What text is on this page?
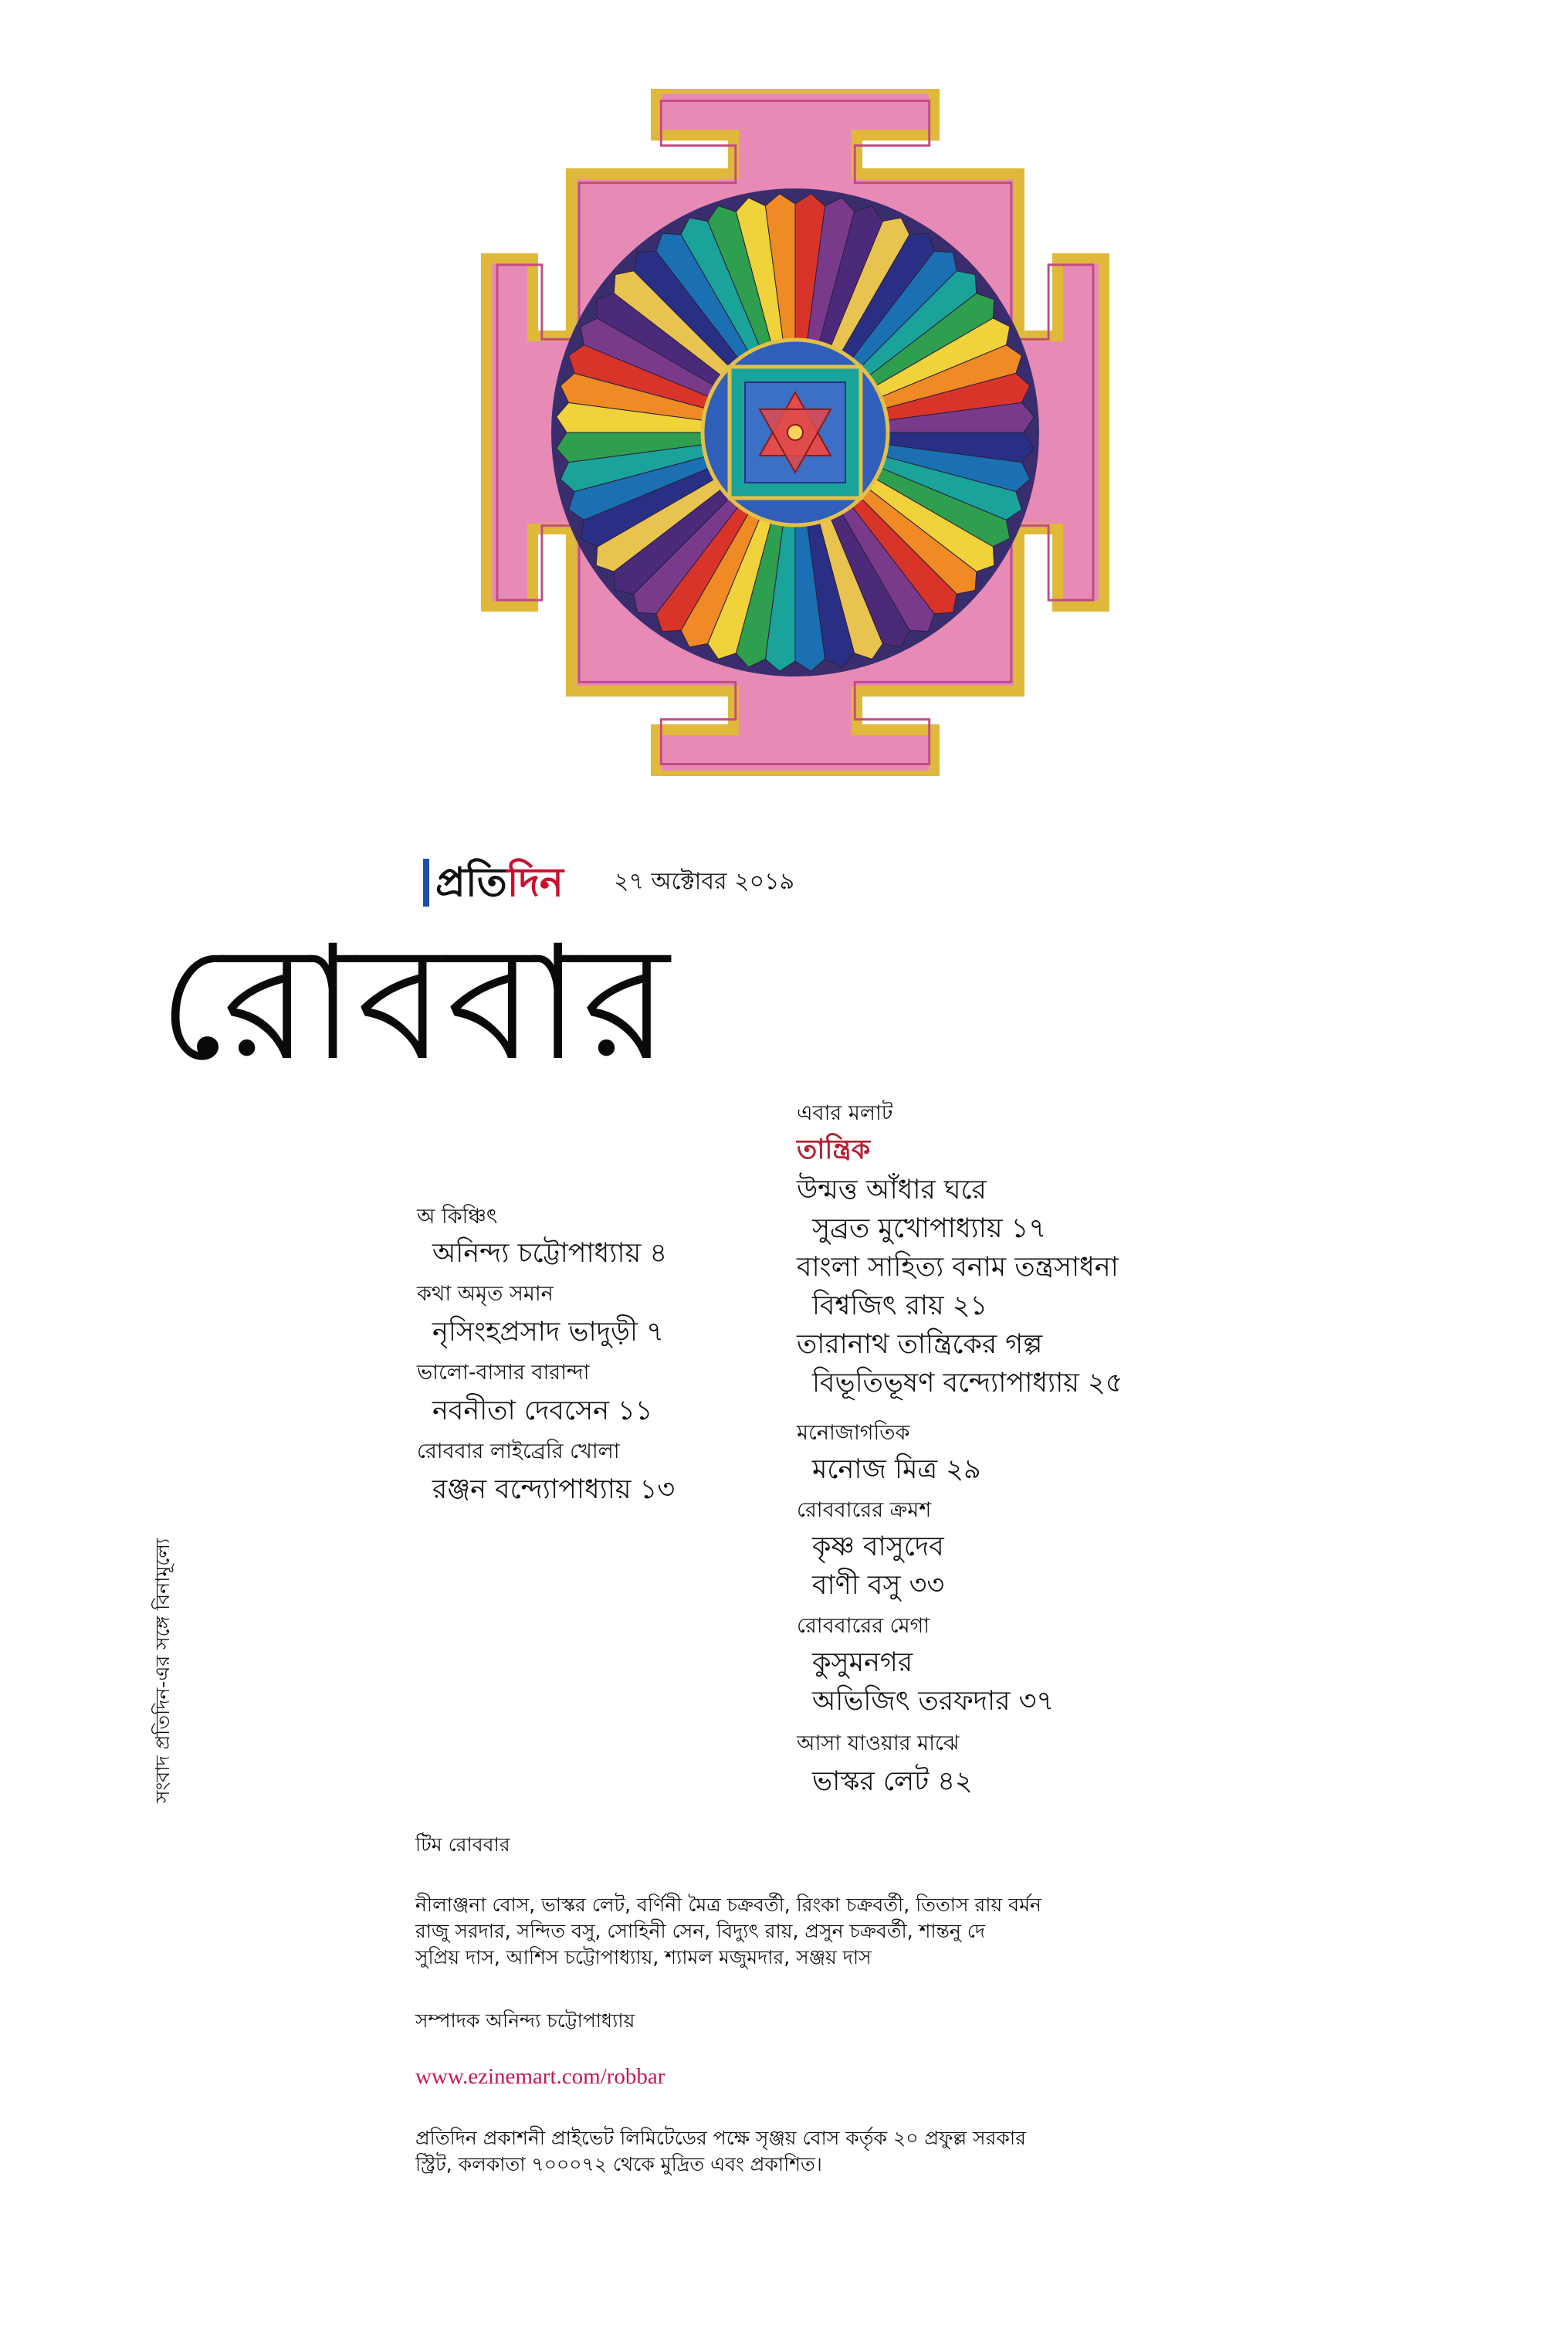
প্রতি দিন ২৭ অক্টোবর ২০১৯
রোববার
অ কিঞ্চিৎ
অনিন্দ্য চট্টোপাধ্যায় ৪
কথা অমৃত সমান
নৃসিংহপ্রসাদ ভাদুড়ী ৭
ভালো-বাসার বারান্দা
নবনীতা দেবসেন ১১
রোববার লাইব্রেরি খোলা
রঞ্জন বন্দ্যোপাধ্যায় ১৩
এবার মলাট
তান্ত্রিক
উন্মত্ত আঁধার ঘরে
সুব্রত মুখোপাধ্যায় ১৭
বাংলা সাহিত্য বনাম তন্ত্রসাধনা
বিশ্বজিৎ রায় ২১
তারানাথ তান্ত্রিকের গল্প
বিভূতিভূষণ বন্দ্যোপাধ্যায় ২৫
মনোজাগতিক
মনোজ মিত্র ২৯
রোববারের ক্রমশ
কৃষ্ণ বাসুদেব
বাণী বসু ৩৩
রোববারের মেগা
কুসুমনগর
অভিজিৎ তরফদার ৩৭
আসা যাওয়ার মাঝে
ভাস্কর লেট ৪২
সংবাদ প্রতিদিন-এর সঙ্গে বিনামূল্যে
টিম রোববার
নীলাঞ্জনা বোস, ভাস্কর লেট, বর্ণিনী মৈত্র চক্রবর্তী, রিংকা চক্রবর্তী, তিতাস রায় বর্মন
রাজু সরদার, সন্দিত বসু, সোহিনী সেন, বিদ্যুৎ রায়, প্রসুন চক্রবর্তী, শান্তনু দে
সুপ্রিয় দাস, আশিস চট্টোপাধ্যায়, শ্যামল মজুমদার, সঞ্জয় দাস
সম্পাদক অনিন্দ্য চট্টোপাধ্যায়
www.ezinemart.com/robbar
প্রতিদিন প্রকাশনী প্রাইভেট লিমিটেডের পক্ষে সৃঞ্জয় বোস কর্তৃক ২০ প্রফুল্ল সরকার
স্ট্রিট, কলকাতা ৭০০০৭২ থেকে মুদ্রিত এবং প্রকাশিত।
